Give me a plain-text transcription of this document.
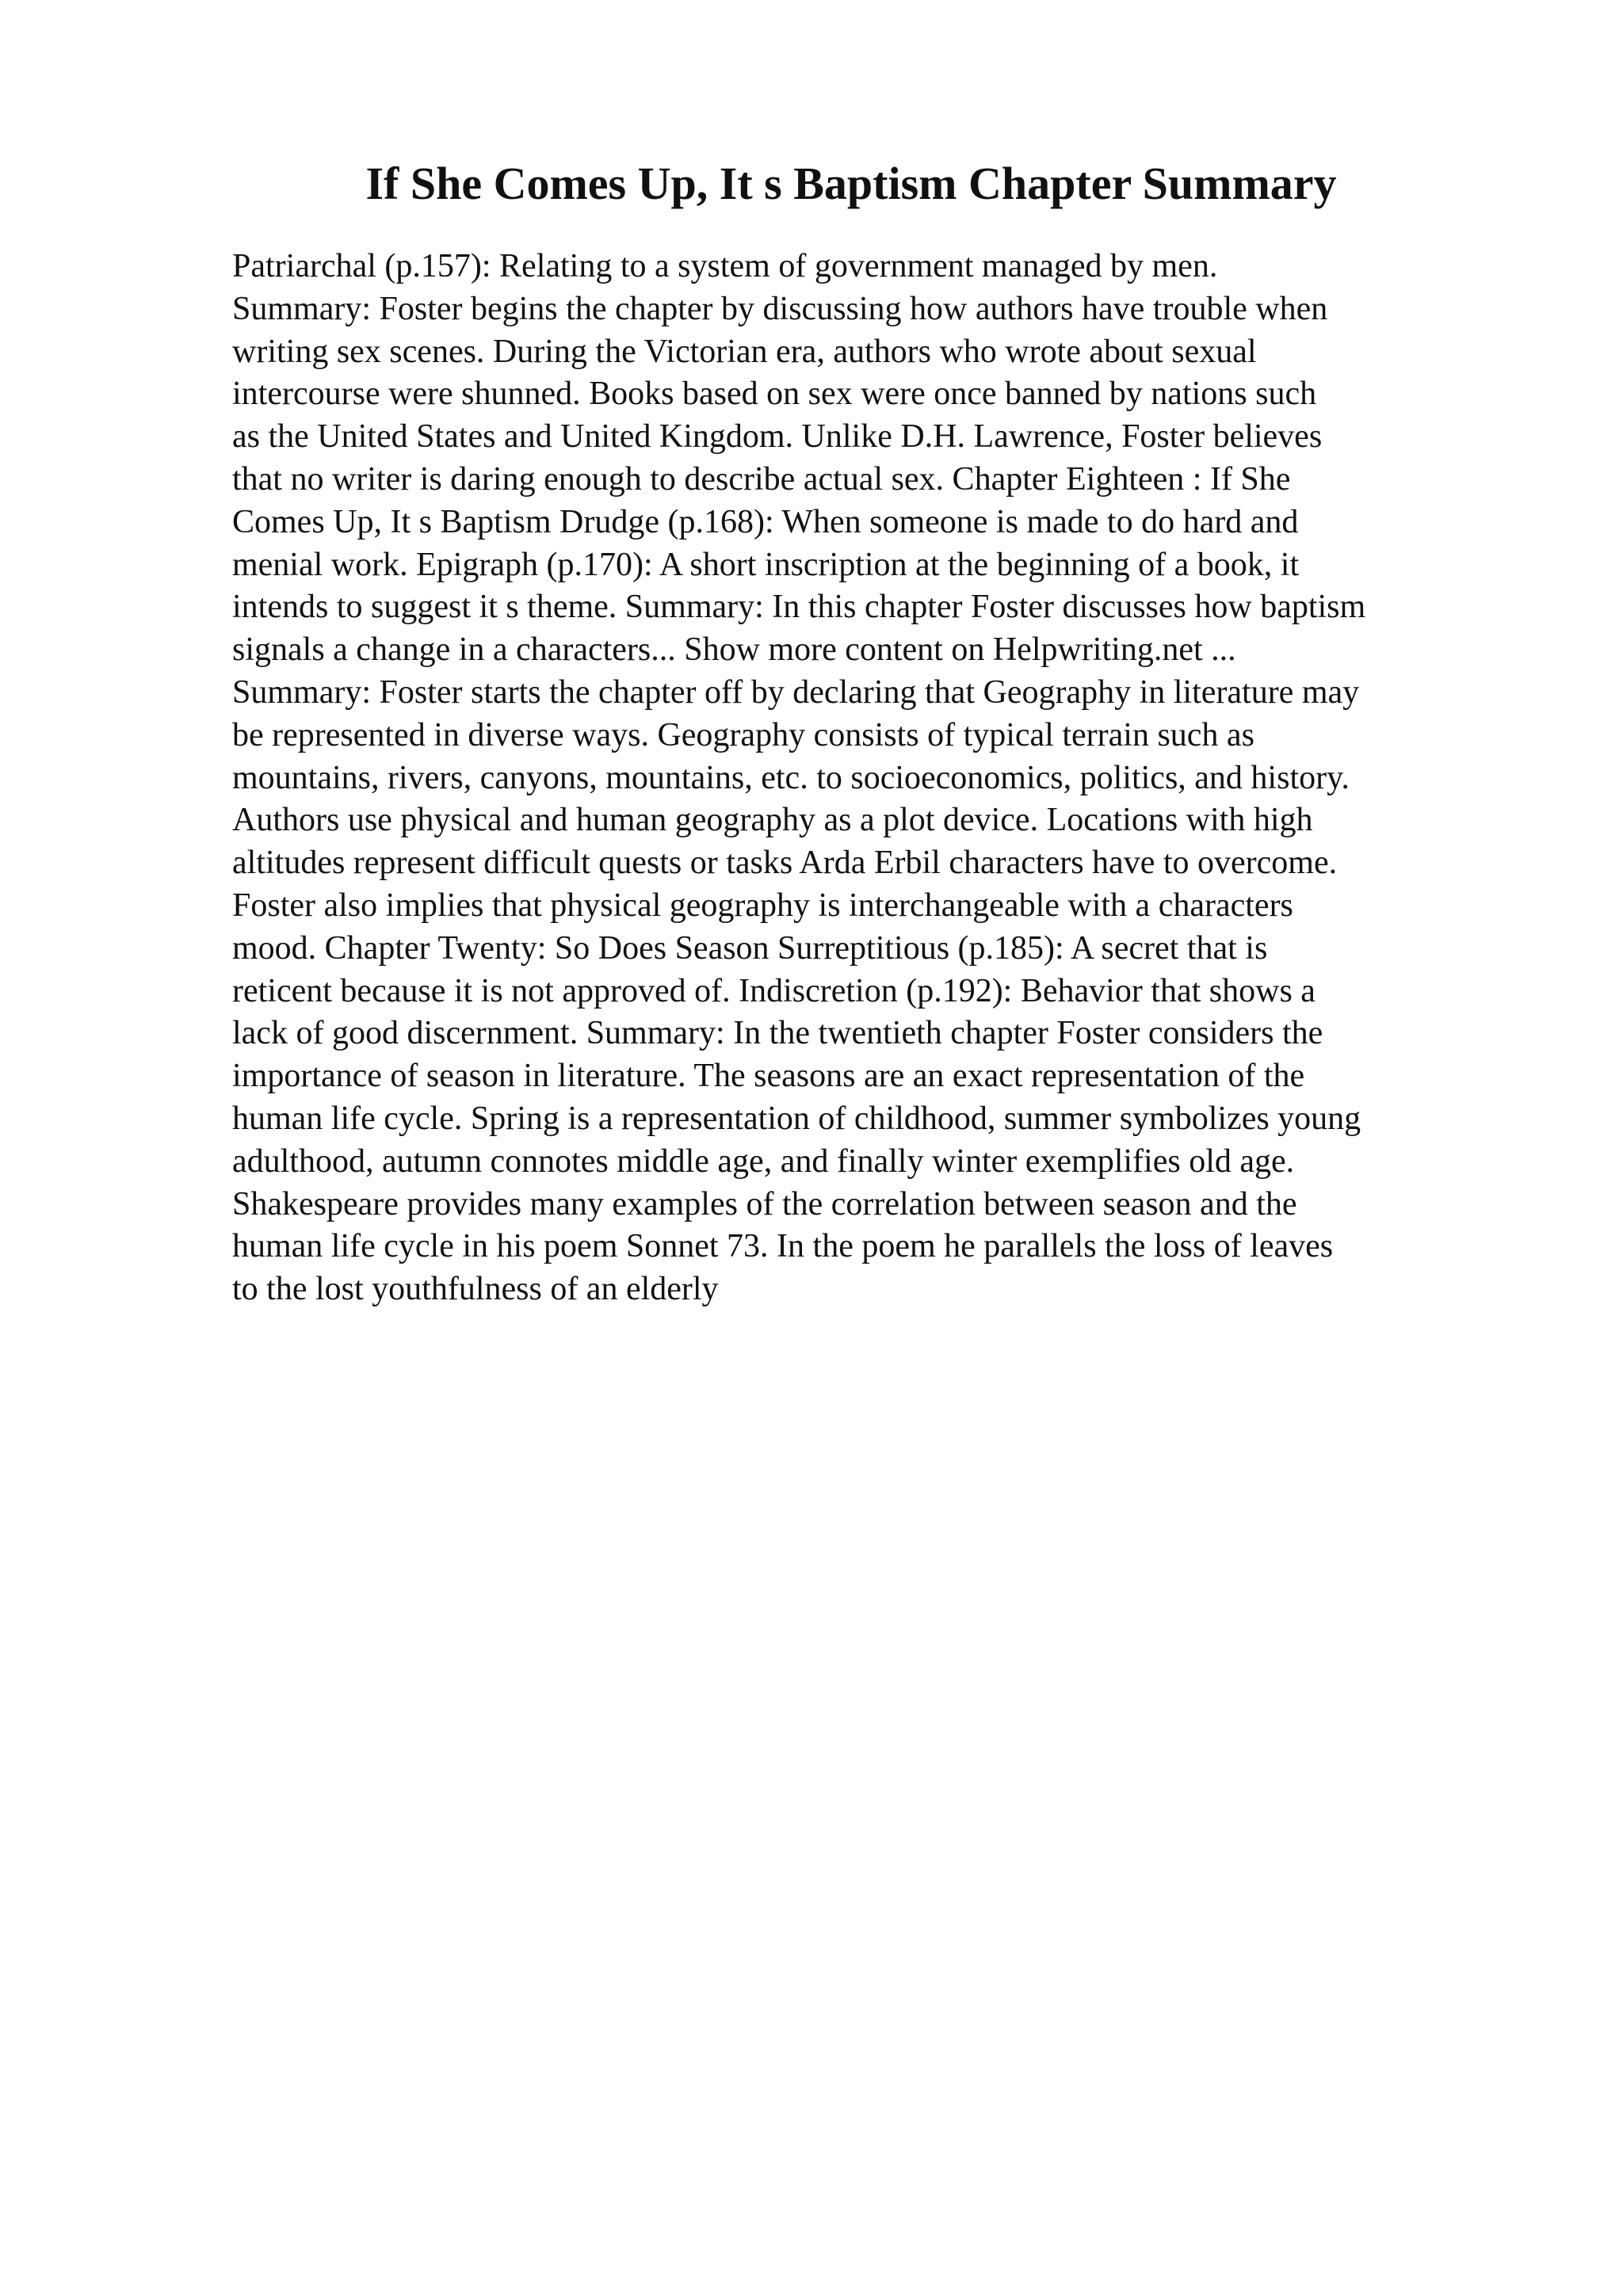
If She Comes Up, It s Baptism Chapter Summary
Patriarchal (p.157): Relating to a system of government managed by men.
Summary: Foster begins the chapter by discussing how authors have trouble when
writing sex scenes. During the Victorian era, authors who wrote about sexual
intercourse were shunned. Books based on sex were once banned by nations such
as the United States and United Kingdom. Unlike D.H. Lawrence, Foster believes
that no writer is daring enough to describe actual sex. Chapter Eighteen : If She
Comes Up, It s Baptism Drudge (p.168): When someone is made to do hard and
menial work. Epigraph (p.170): A short inscription at the beginning of a book, it
intends to suggest it s theme. Summary: In this chapter Foster discusses how baptism
signals a change in a characters... Show more content on Helpwriting.net ...
Summary: Foster starts the chapter off by declaring that Geography in literature may
be represented in diverse ways. Geography consists of typical terrain such as
mountains, rivers, canyons, mountains, etc. to socioeconomics, politics, and history.
Authors use physical and human geography as a plot device. Locations with high
altitudes represent difficult quests or tasks Arda Erbil characters have to overcome.
Foster also implies that physical geography is interchangeable with a characters
mood. Chapter Twenty: So Does Season Surreptitious (p.185): A secret that is
reticent because it is not approved of. Indiscretion (p.192): Behavior that shows a
lack of good discernment. Summary: In the twentieth chapter Foster considers the
importance of season in literature. The seasons are an exact representation of the
human life cycle. Spring is a representation of childhood, summer symbolizes young
adulthood, autumn connotes middle age, and finally winter exemplifies old age.
Shakespeare provides many examples of the correlation between season and the
human life cycle in his poem Sonnet 73. In the poem he parallels the loss of leaves
to the lost youthfulness of an elderly
